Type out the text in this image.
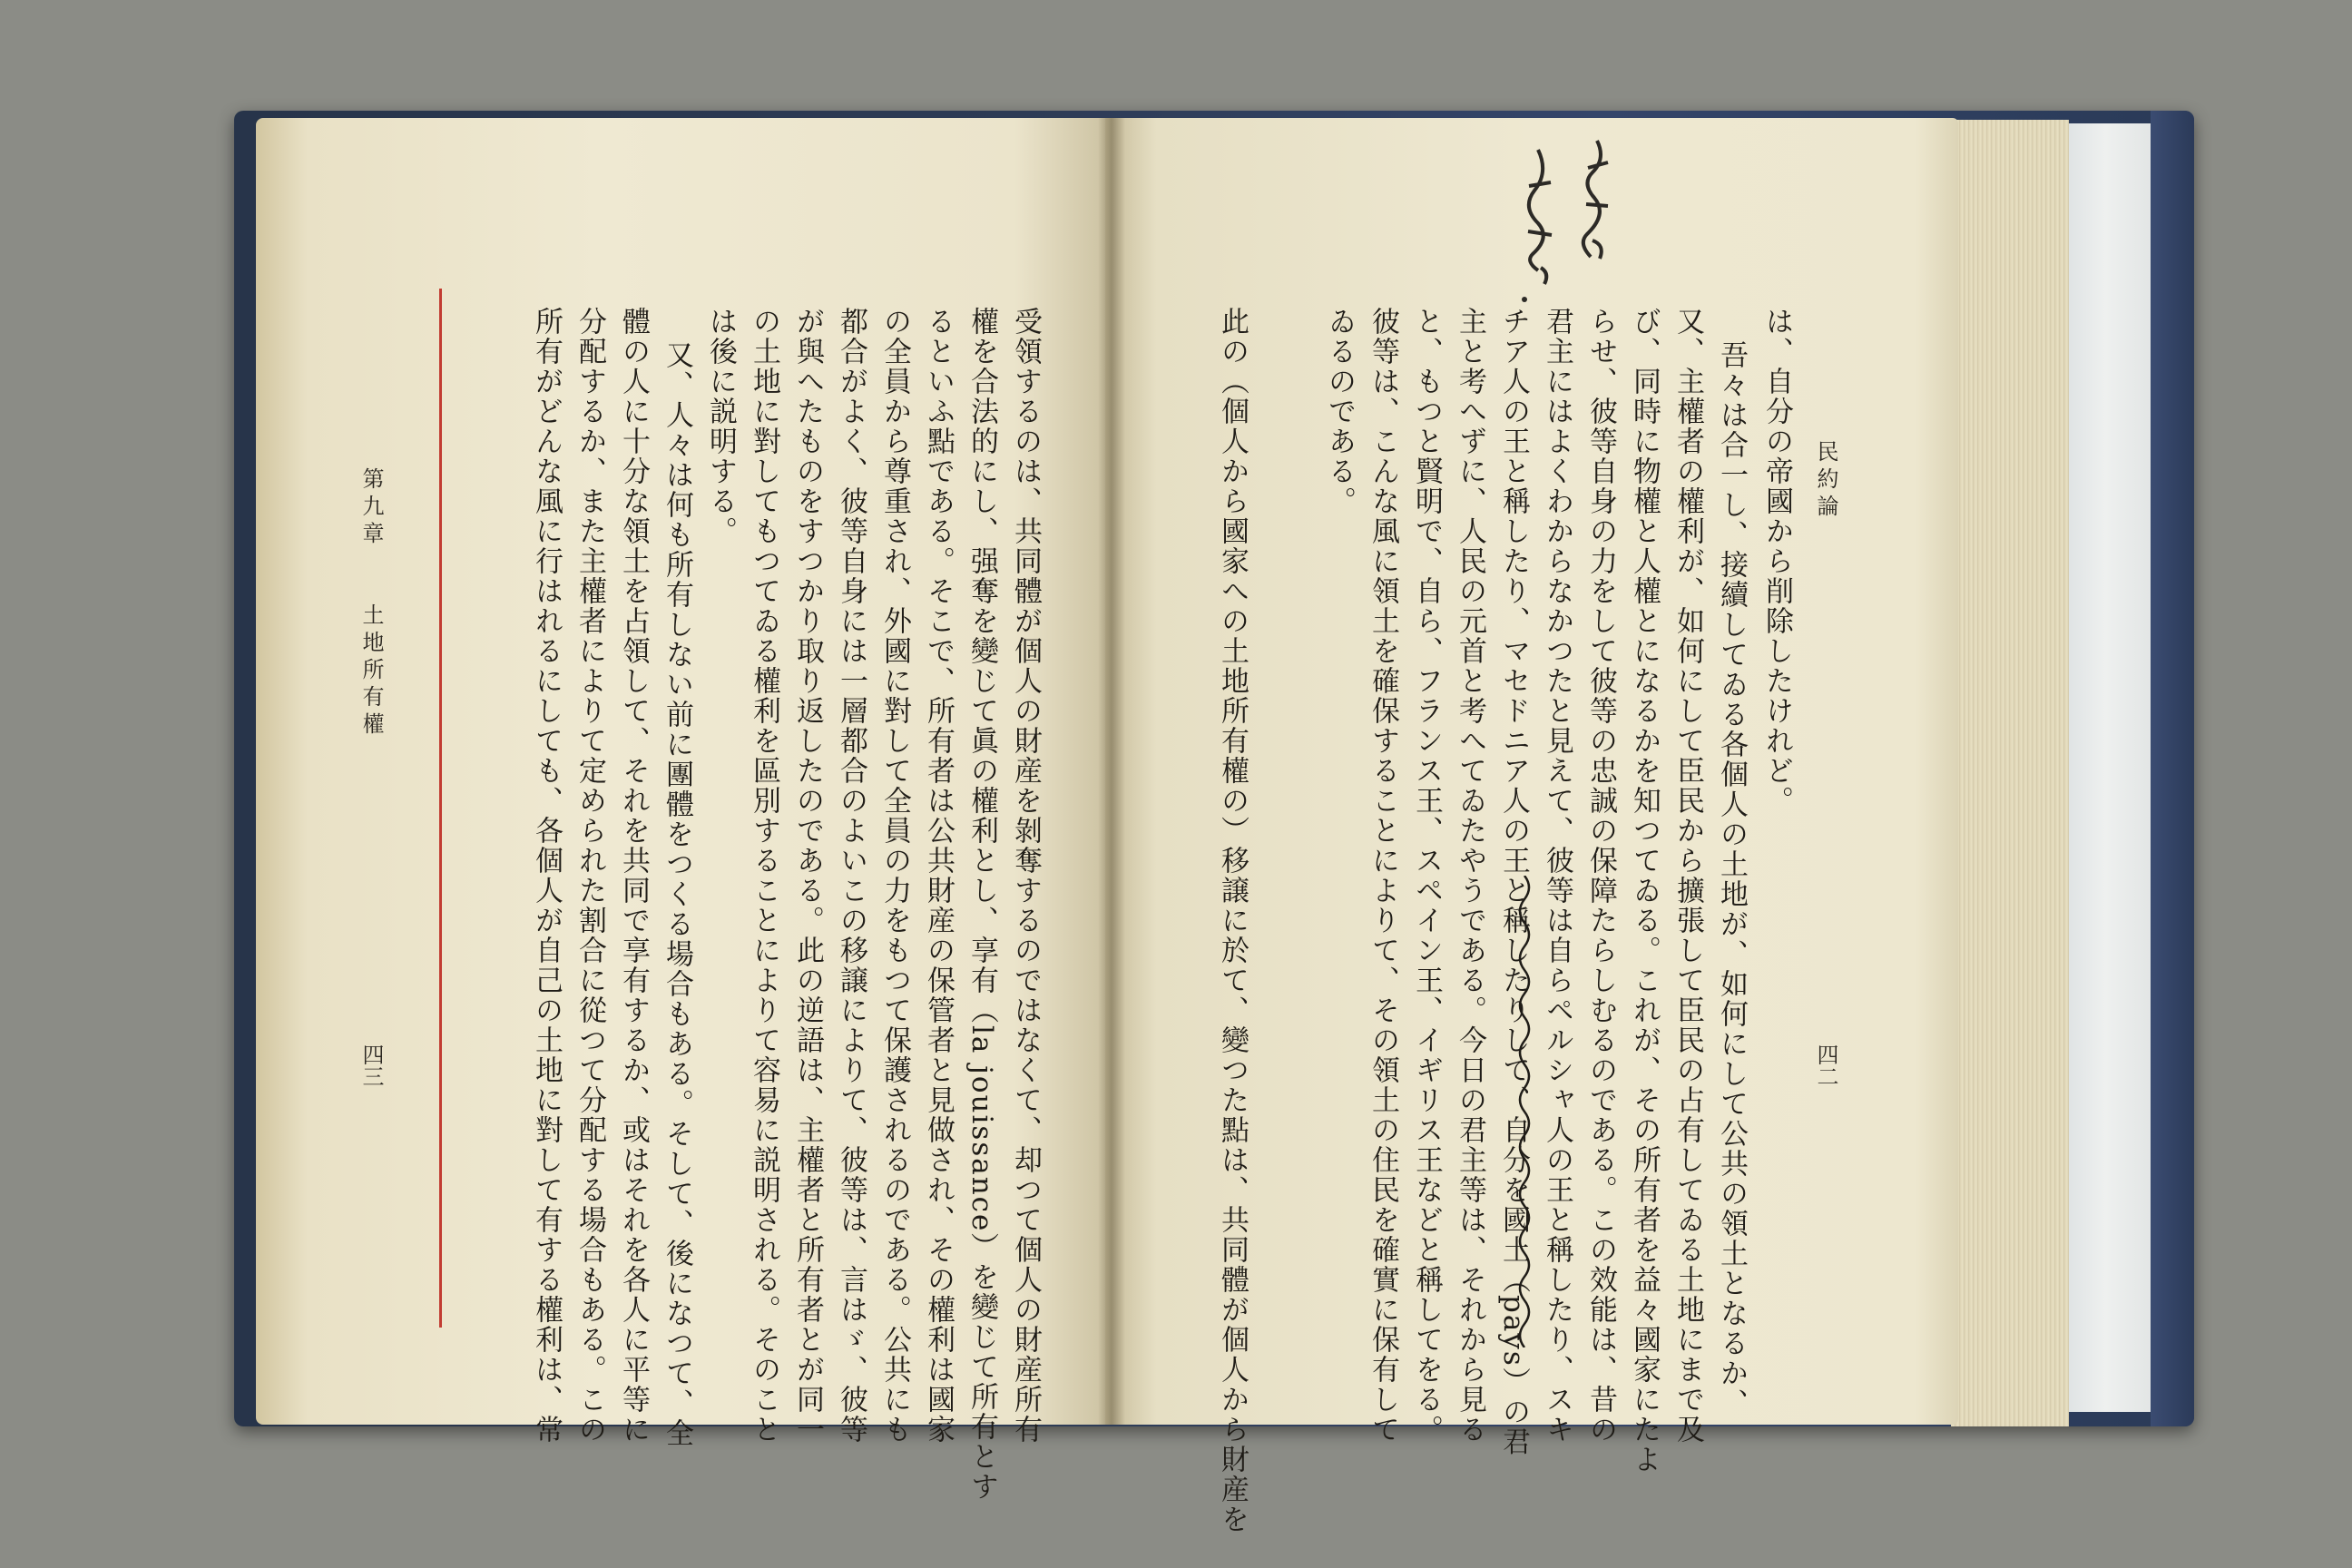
民約論
四二
は、自分の帝國から削除したけれど。
吾々は合一し、接續してゐる各個人の土地が、如何にして公共の領土となるか、
又、主權者の權利が、如何にして臣民から擴張して臣民の占有してゐる土地にまで及
び、同時に物權と人權とになるかを知つてゐる。これが、その所有者を益々國家にたよ
らせ、彼等自身の力をして彼等の忠誠の保障たらしむるのである。この效能は、昔の
君主にはよくわからなかつたと見えて、彼等は自らペルシャ人の王と稱したり、スキ
チア人の王と稱したり、マセドニア人の王と稱したりして、自分を國土（pays）の君
主と考へずに、人民の元首と考へてゐたやうである。今日の君主等は、それから見る
と、もつと賢明で、自ら、フランス王、スペイン王、イギリス王などと稱してをる。
彼等は、こんな風に領土を確保することによりて、その領土の住民を確實に保有して
ゐるのである。
此の（個人から國家への土地所有權の）移譲に於て、變つた點は、共同體が個人から財産を
受領するのは、共同體が個人の財産を剝奪するのではなくて、却つて個人の財産所有
權を合法的にし、强奪を變じて眞の權利とし、享有（la jouissance）を變じて所有とす
るといふ點である。そこで、所有者は公共財産の保管者と見做され、その權利は國家
の全員から尊重され、外國に對して全員の力をもつて保護されるのである。公共にも
都合がよく、彼等自身には一層都合のよいこの移譲によりて、彼等は、言はゞ、彼等
が與へたものをすつかり取り返したのである。此の逆語は、主權者と所有者とが同一
の土地に對してもつてゐる權利を區別することによりて容易に説明される。そのこと
は後に説明する。
又、人々は何も所有しない前に團體をつくる場合もある。そして、後になつて、全
體の人に十分な領土を占領して、それを共同で享有するか、或はそれを各人に平等に
分配するか、また主權者によりて定められた割合に從つて分配する場合もある。この
所有がどんな風に行はれるにしても、各個人が自己の土地に對して有する權利は、常
第九章
土地所有權
四三
